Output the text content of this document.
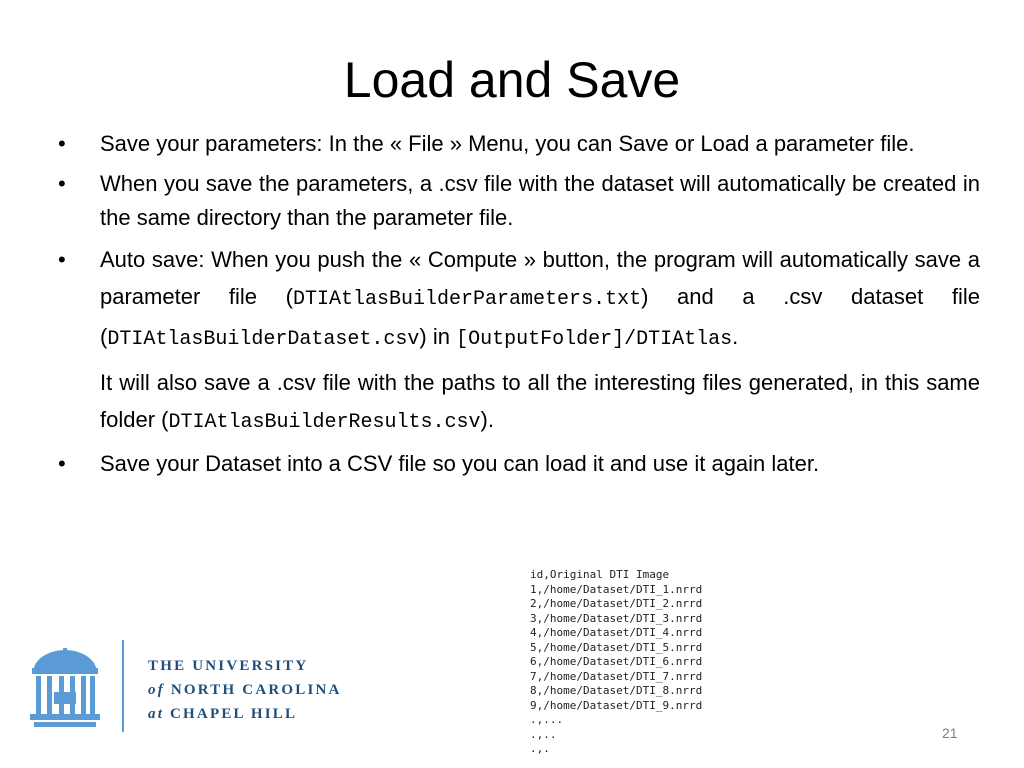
Load and Save
• Save your parameters: In the « File » Menu, you can Save or Load a parameter file.
• When you save the parameters, a .csv file with the dataset will automatically be created in the same directory than the parameter file.
• Auto save: When you push the « Compute » button, the program will automatically save a parameter file (DTIAtlasBuilderParameters.txt) and a .csv dataset file (DTIAtlasBuilderDataset.csv) in [OutputFolder]/DTIAtlas.
It will also save a .csv file with the paths to all the interesting files generated, in this same folder (DTIAtlasBuilderResults.csv).
• Save your Dataset into a CSV file so you can load it and use it again later.
id,Original DTI Image
1,/home/Dataset/DTI_1.nrrd
2,/home/Dataset/DTI_2.nrrd
3,/home/Dataset/DTI_3.nrrd
4,/home/Dataset/DTI_4.nrrd
5,/home/Dataset/DTI_5.nrrd
6,/home/Dataset/DTI_6.nrrd
7,/home/Dataset/DTI_7.nrrd
8,/home/Dataset/DTI_8.nrrd
9,/home/Dataset/DTI_9.nrrd
.,...
.,..
.,.
THE UNIVERSITY
of NORTH CAROLINA
at CHAPEL HILL
21
